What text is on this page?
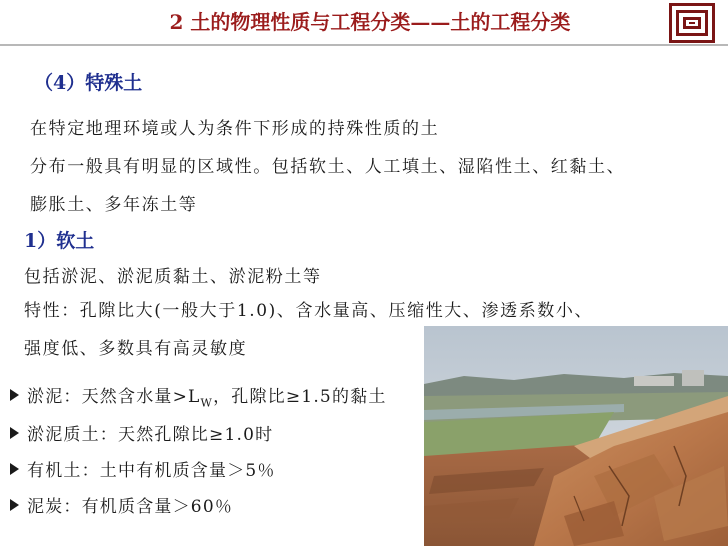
2 土的物理性质与工程分类——土的工程分类
（4）特殊土
在特定地理环境或人为条件下形成的持殊性质的土
分布一般具有明显的区域性。包括软土、人工填土、湿陷性土、红黏土、
膨胀土、多年冻土等
1）软土
包括淤泥、淤泥质黏土、淤泥粉土等
特性：孔隙比大(一般大于1.0)、含水量高、压缩性大、渗透系数小、
强度低、多数具有高灵敏度
淤泥：天然含水量$>L_W$，孔隙比≥1.5的黏土
淤泥质土：天然孔隙比≥1.0时
有机土：土中有机质含量＞5％
泥炭：有机质含量＞60％
